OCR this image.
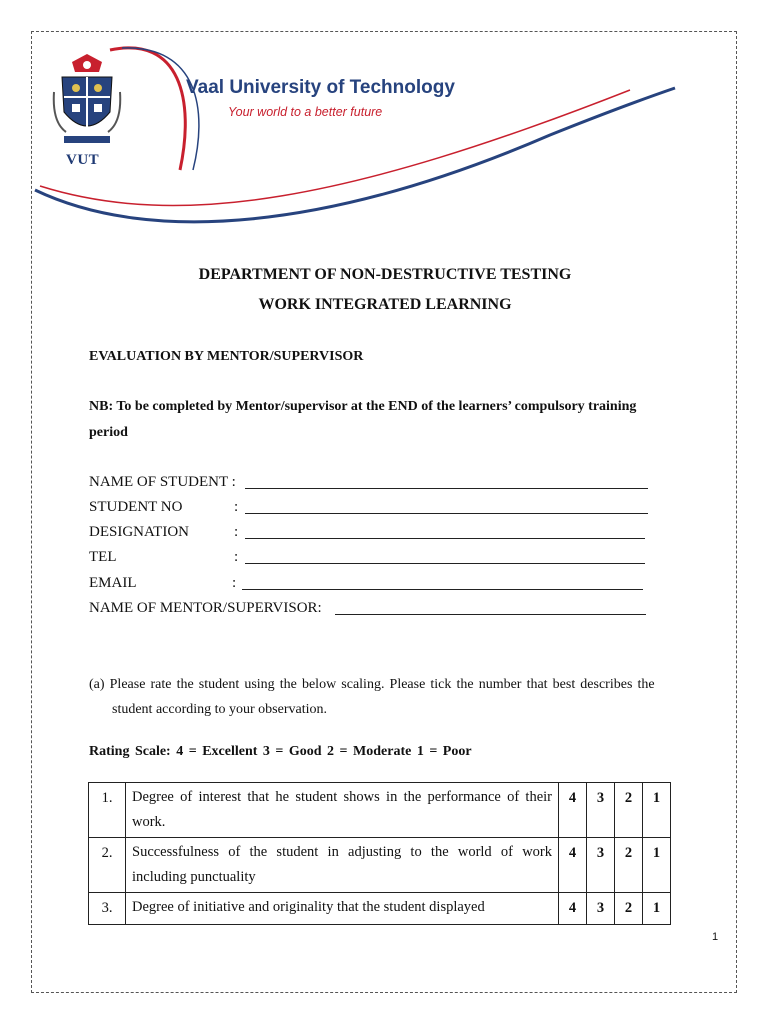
VUT
Vaal University of Technology
Your world to a better future
DEPARTMENT OF NON-DESTRUCTIVE TESTING
WORK INTEGRATED LEARNING
EVALUATION BY MENTOR/SUPERVISOR
NB: To be completed by Mentor/supervisor at the END of the learners’ compulsory training
period
NAME OF STUDENT :
STUDENT NO	:
DESIGNATION	:
TEL	:
EMAIL	:
NAME OF MENTOR/SUPERVISOR:
(a) Please rate the student using the below scaling. Please tick the number that best describes the
student according to your observation.
Rating Scale: 4 = Excellent 3 = Good 2 = Moderate 1 = Poor
1.	Degree of interest that he student shows in the performance of their work.	4	3	2	1
2.	Successfulness of the student in adjusting to the world of work including punctuality	4	3	2	1
3.	Degree of initiative and originality that the student displayed	4	3	2	1
1
